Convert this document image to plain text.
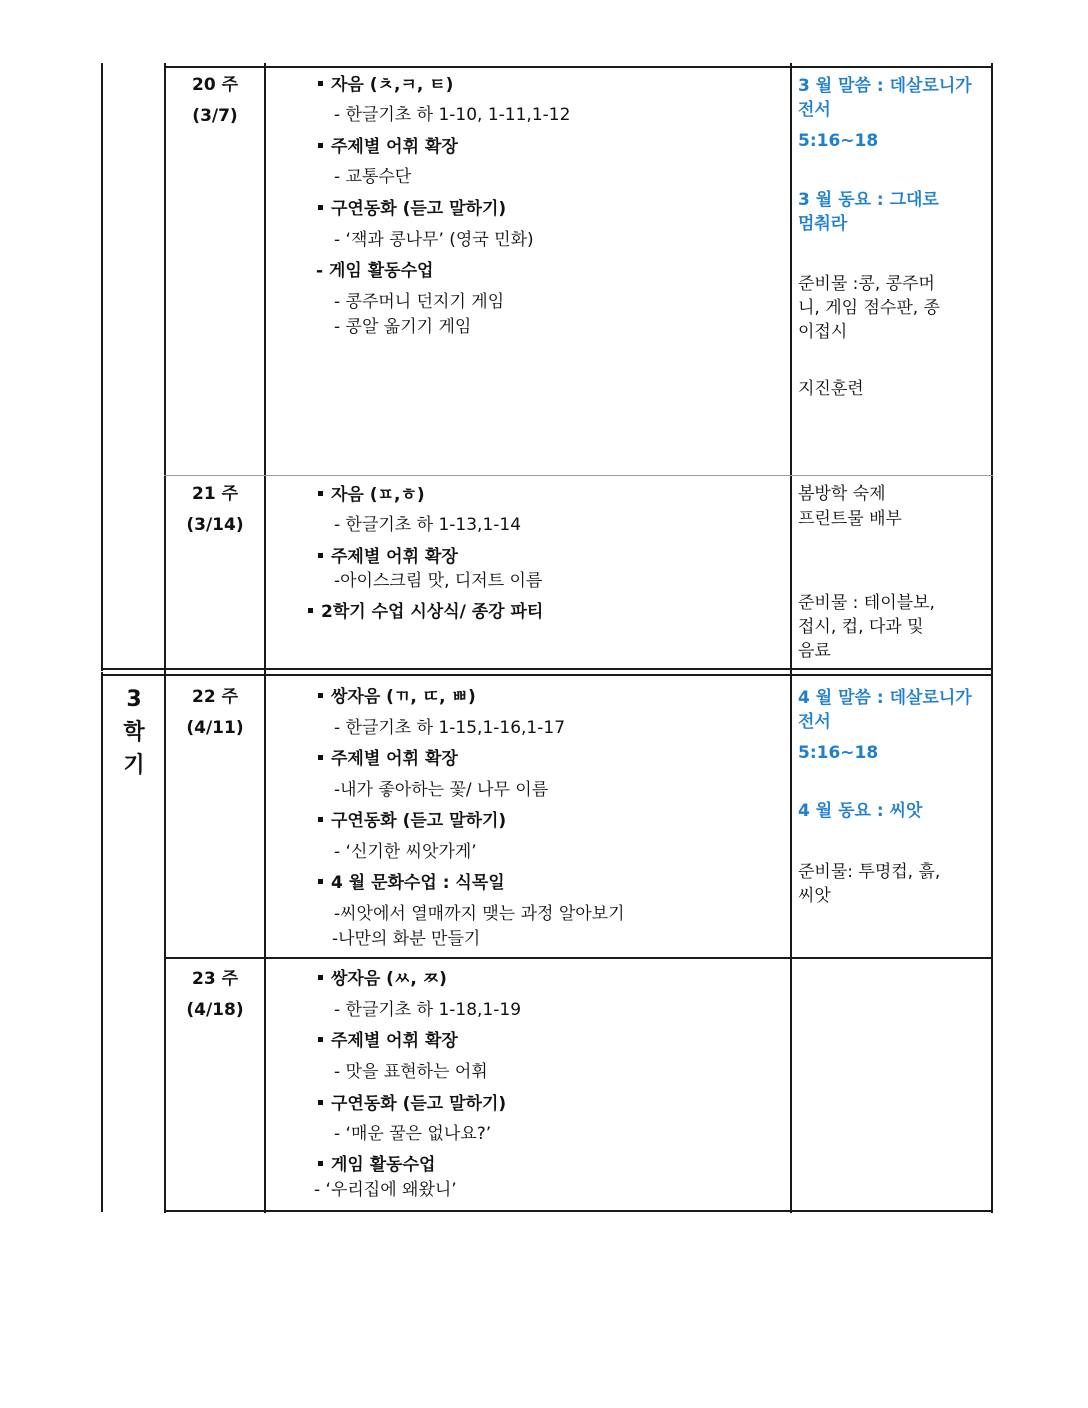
3
학
기
20 주
(3/7)
자음 (ㅊ,ㅋ, ㅌ)
- 한글기초 하 1-10, 1-11,1-12
주제별 어휘 확장
- 교통수단
구연동화 (듣고 말하기)
- ‘잭과 콩나무’ (영국 민화)
- 게임 활동수업
- 콩주머니 던지기 게임
- 콩알 옮기기 게임
3 월 말씀 : 데살로니가
전서
5:16~18
3 월 동요 : 그대로
멈춰라
준비물 :콩, 콩주머
니, 게임 점수판, 종
이접시
지진훈련
21 주
(3/14)
자음 (ㅍ,ㅎ)
- 한글기초 하 1-13,1-14
주제별 어휘 확장
-아이스크림 맛, 디저트 이름
2학기 수업 시상식/ 종강 파티
봄방학 숙제
프린트물 배부
준비물 : 테이블보,
접시, 컵, 다과 및
음료
22 주
(4/11)
쌍자음 (ㄲ, ㄸ, ㅃ)
- 한글기초 하 1-15,1-16,1-17
주제별 어휘 확장
-내가 좋아하는 꽃/ 나무 이름
구연동화 (듣고 말하기)
- ‘신기한 씨앗가게’
4 월 문화수업 : 식목일
-씨앗에서 열매까지 맺는 과정 알아보기
-나만의 화분 만들기
4 월 말씀 : 데살로니가
전서
5:16~18
4 월 동요 : 씨앗
준비물: 투명컵, 흙,
씨앗
23 주
(4/18)
쌍자음 (ㅆ, ㅉ)
- 한글기초 하 1-18,1-19
주제별 어휘 확장
- 맛을 표현하는 어휘
구연동화 (듣고 말하기)
- ‘매운 꿀은 없나요?’
게임 활동수업
- ‘우리집에 왜왔니’
